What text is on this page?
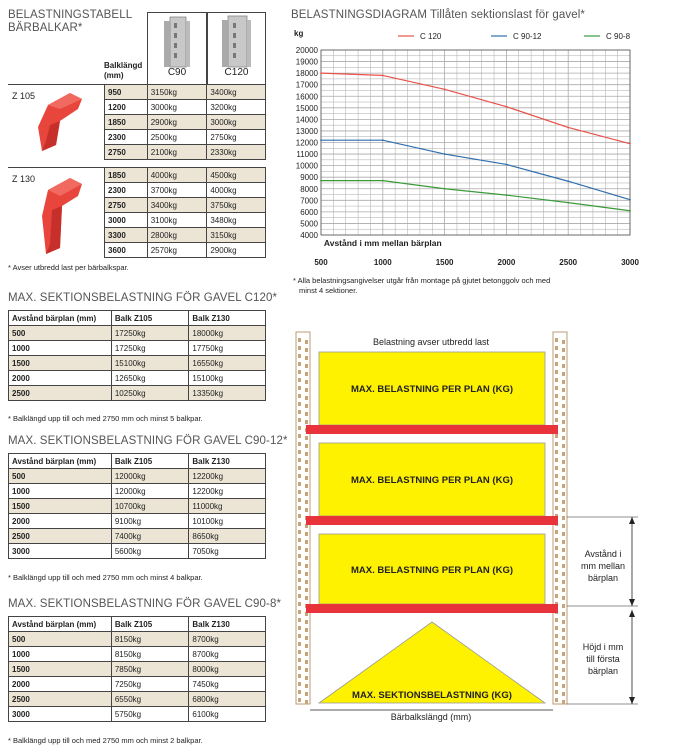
BELASTNINGSTABELL
BÄRBALKAR*
C90	C120
Balklängd
(mm)
Z 105	950	3150kg	3400kg
1200	3000kg	3200kg
1850	2900kg	3000kg
2300	2500kg	2750kg
2750	2100kg	2330kg
Z 130	1850	4000kg	4500kg
2300	3700kg	4000kg
2750	3400kg	3750kg
3000	3100kg	3480kg
3300	2800kg	3150kg
3600	2570kg	2900kg
* Avser utbredd last per bärbalkspar.
MAX. SEKTIONSBELASTNING FÖR GAVEL C120*
Avstånd bärplan (mm)	Balk Z105	Balk Z130
500	17250kg	18000kg
1000	17250kg	17750kg
1500	15100kg	16550kg
2000	12650kg	15100kg
2500	10250kg	13350kg
* Balklängd upp till och med 2750 mm och minst 5 balkpar.
MAX. SEKTIONSBELASTNING FÖR GAVEL C90-12*
Avstånd bärplan (mm)	Balk Z105	Balk Z130
500	12000kg	12200kg
1000	12000kg	12200kg
1500	10700kg	11000kg
2000	9100kg	10100kg
2500	7400kg	8650kg
3000	5600kg	7050kg
* Balklängd upp till och med 2750 mm och minst 4 balkpar.
MAX. SEKTIONSBELASTNING FÖR GAVEL C90-8*
Avstånd bärplan (mm)	Balk Z105	Balk Z130
500	8150kg	8700kg
1000	8150kg	8700kg
1500	7850kg	8000kg
2000	7250kg	7450kg
2500	6550kg	6800kg
3000	5750kg	6100kg
* Balklängd upp till och med 2750 mm och minst 2 balkpar.
BELASTNINGSDIAGRAM Tillåten sektionslast för gavel*
4000
5000
6000
7000
8000
9000
10000
11000
12000
13000
14000
15000
16000
17000
18000
19000
20000
500	1000	1500	2000	2500	3000
kg
Avstånd i mm mellan bärplan
C 120	C 90-12	C 90-8
* Alla belastningsangivelser utgår från montage på gjutet betonggolv och med
minst 4 sektioner.
Belastning avser utbredd last
MAX. BELASTNING PER PLAN (KG)
MAX. BELASTNING PER PLAN (KG)
MAX. BELASTNING PER PLAN (KG)
MAX. SEKTIONSBELASTNING (KG)
Bärbalkslängd (mm)
Avstånd i
mm mellan
bärplan
Höjd i mm
till första
bärplan
